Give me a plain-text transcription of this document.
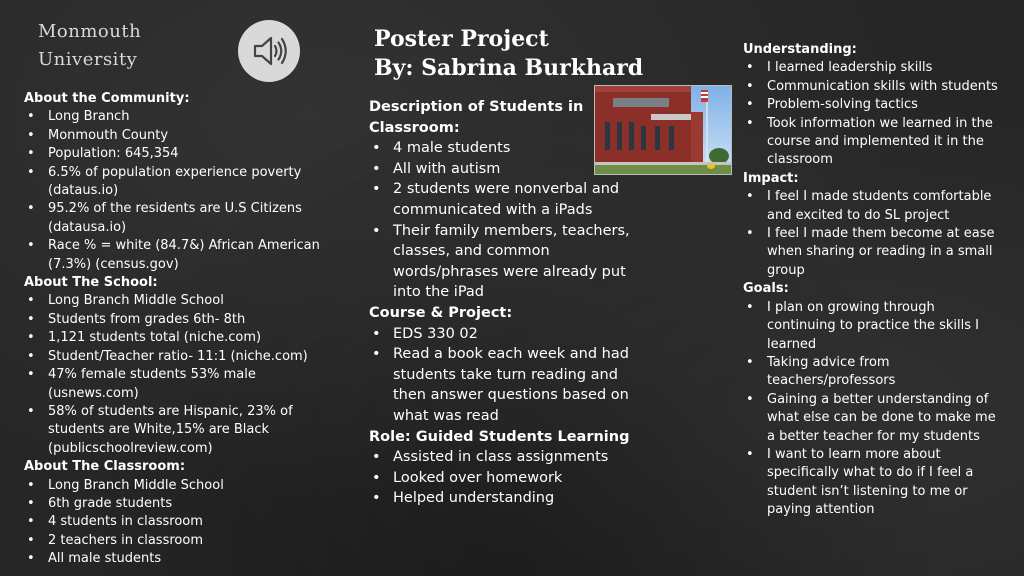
Monmouth
University
Poster Project
By: Sabrina Burkhard
About the Community:
• Long Branch
• Monmouth County
• Population: 645,354
• 6.5% of population experience poverty (dataus.io)
• 95.2% of the residents are U.S Citizens (datausa.io)
• Race % = white (84.7&) African American (7.3%) (census.gov)
About The School:
• Long Branch Middle School
• Students from grades 6th- 8th
• 1,121 students total (niche.com)
• Student/Teacher ratio- 11:1 (niche.com)
• 47% female students 53% male (usnews.com)
• 58% of students are Hispanic, 23% of students are White,15% are Black (publicschoolreview.com)
About The Classroom:
• Long Branch Middle School
• 6th grade students
• 4 students in classroom
• 2 teachers in classroom
• All male students
Description of Students in Classroom:
• 4 male students
• All with autism
• 2 students were nonverbal and communicated with a iPads
• Their family members, teachers, classes, and common words/phrases were already put into the iPad
Course & Project:
• EDS 330 02
• Read a book each week and had students take turn reading and then answer questions based on what was read
Role: Guided Students Learning
• Assisted in class assignments
• Looked over homework
• Helped understanding
Understanding:
• I learned leadership skills
• Communication skills with students
• Problem-solving tactics
• Took information we learned in the course and implemented it in the classroom
Impact:
• I feel I made students comfortable and excited to do SL project
• I feel I made them become at ease when sharing or reading in a small group
Goals:
• I plan on growing through continuing to practice the skills I learned
• Taking advice from teachers/professors
• Gaining a better understanding of what else can be done to make me a better teacher for my students
• I want to learn more about specifically what to do if I feel a student isn’t listening to me or paying attention
